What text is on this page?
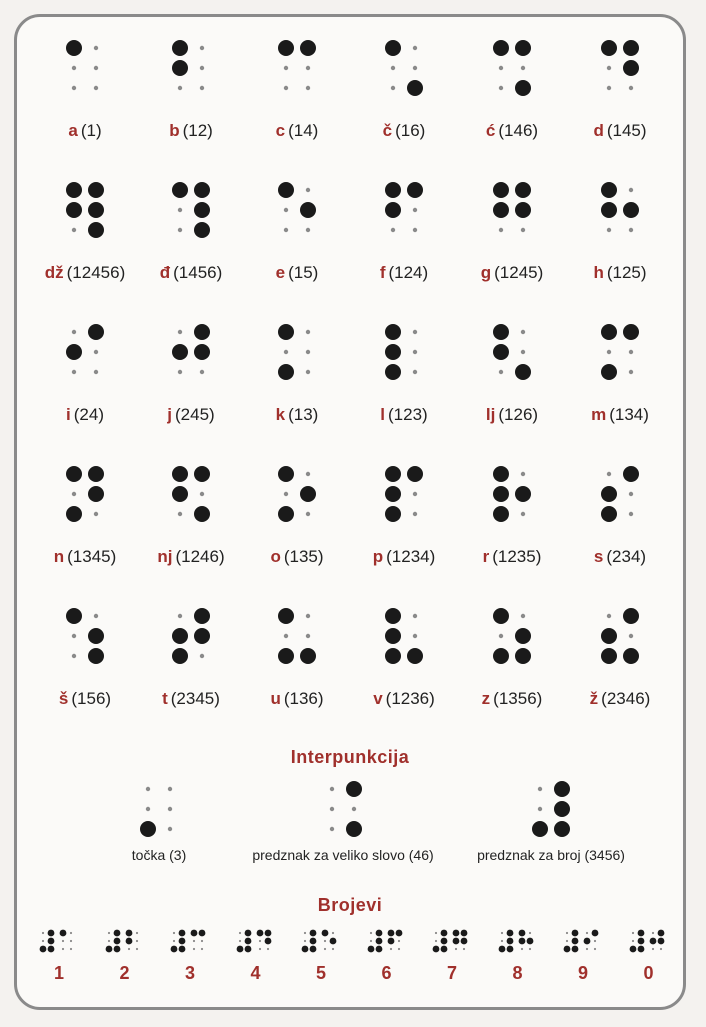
a (1)	b (12)	c (14)	č (16)	ć (146)	d (145)
dž (12456)	đ (1456)	e (15)	f (124)	g (1245)	h (125)
i (24)	j (245)	k (13)	l (123)	lj (126)	m (134)
n (1345)	nj (1246)	o (135)	p (1234)	r (1235)	s (234)
š (156)	t (2345)	u (136)	v (1236)	z (1356)	ž (2346)
Interpunkcija
točka (3)	predznak za veliko slovo (46)	predznak za broj (3456)
Brojevi
1	2	3	4	5	6	7	8	9	0
